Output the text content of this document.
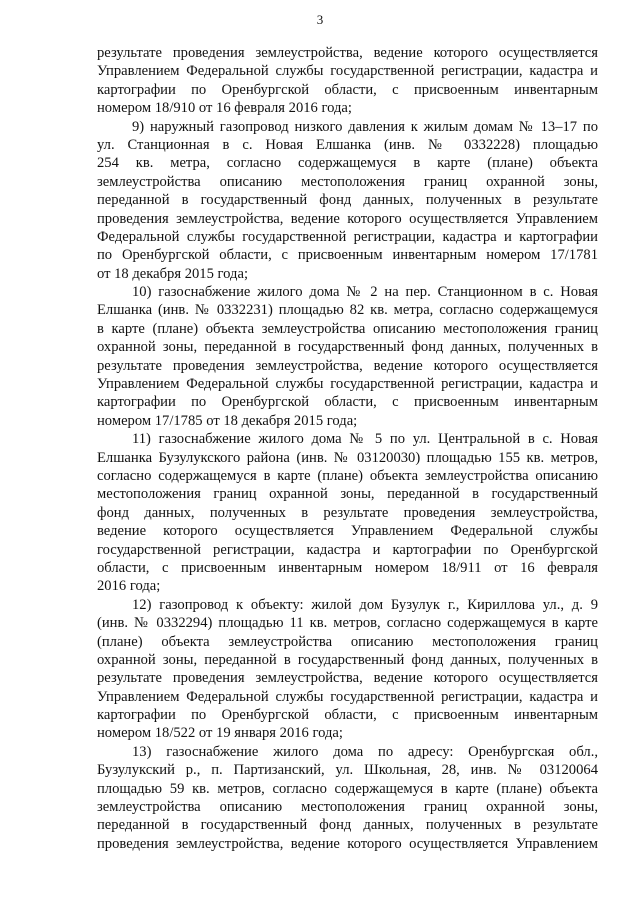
3
результате проведения землеустройства, ведение которого осуществляется
Управлением Федеральной службы государственной регистрации, кадастра и
картографии по Оренбургской области, с присвоенным инвентарным
номером 18/910 от 16 февраля 2016 года;
9) наружный газопровод низкого давления к жилым домам № 13–17 по
ул. Станционная в с. Новая Елшанка (инв. № 0332228) площадью
254 кв. метра, согласно содержащемуся в карте (плане) объекта
землеустройства описанию местоположения границ охранной зоны,
переданной в государственный фонд данных, полученных в результате
проведения землеустройства, ведение которого осуществляется Управлением
Федеральной службы государственной регистрации, кадастра и картографии
по Оренбургской области, с присвоенным инвентарным номером 17/1781
от 18 декабря 2015 года;
10) газоснабжение жилого дома № 2 на пер. Станционном в с. Новая
Елшанка (инв. № 0332231) площадью 82 кв. метра, согласно содержащемуся
в карте (плане) объекта землеустройства описанию местоположения границ
охранной зоны, переданной в государственный фонд данных, полученных в
результате проведения землеустройства, ведение которого осуществляется
Управлением Федеральной службы государственной регистрации, кадастра и
картографии по Оренбургской области, с присвоенным инвентарным
номером 17/1785 от 18 декабря 2015 года;
11) газоснабжение жилого дома № 5 по ул. Центральной в с. Новая
Елшанка Бузулукского района (инв. № 03120030) площадью 155 кв. метров,
согласно содержащемуся в карте (плане) объекта землеустройства описанию
местоположения границ охранной зоны, переданной в государственный
фонд данных, полученных в результате проведения землеустройства,
ведение которого осуществляется Управлением Федеральной службы
государственной регистрации, кадастра и картографии по Оренбургской
области, с присвоенным инвентарным номером 18/911 от 16 февраля
2016 года;
12) газопровод к объекту: жилой дом Бузулук г., Кириллова ул., д. 9
(инв. № 0332294) площадью 11 кв. метров, согласно содержащемуся в карте
(плане) объекта землеустройства описанию местоположения границ
охранной зоны, переданной в государственный фонд данных, полученных в
результате проведения землеустройства, ведение которого осуществляется
Управлением Федеральной службы государственной регистрации, кадастра и
картографии по Оренбургской области, с присвоенным инвентарным
номером 18/522 от 19 января 2016 года;
13) газоснабжение жилого дома по адресу: Оренбургская обл.,
Бузулукский р., п. Партизанский, ул. Школьная, 28, инв. № 03120064
площадью 59 кв. метров, согласно содержащемуся в карте (плане) объекта
землеустройства описанию местоположения границ охранной зоны,
переданной в государственный фонд данных, полученных в результате
проведения землеустройства, ведение которого осуществляется Управлением
